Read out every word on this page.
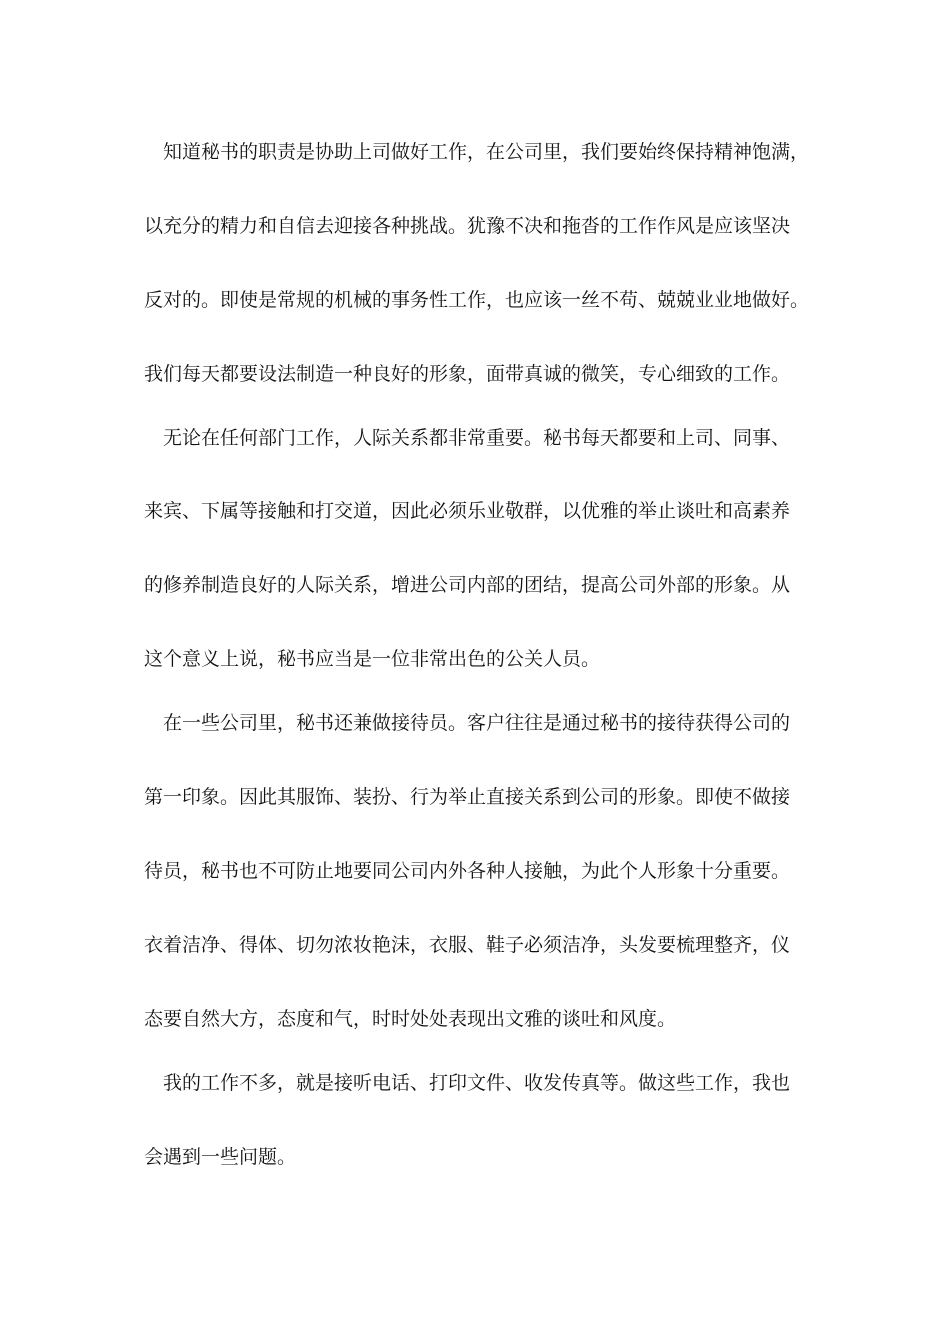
知道秘书的职责是协助上司做好工作，在公司里，我们要始终保持精神饱满，
以充分的精力和自信去迎接各种挑战。犹豫不决和拖沓的工作作风是应该坚决
反对的。即使是常规的机械的事务性工作，也应该一丝不苟、兢兢业业地做好。
我们每天都要设法制造一种良好的形象，面带真诚的微笑，专心细致的工作。
无论在任何部门工作，人际关系都非常重要。秘书每天都要和上司、同事、
来宾、下属等接触和打交道，因此必须乐业敬群，以优雅的举止谈吐和高素养
的修养制造良好的人际关系，增进公司内部的团结，提高公司外部的形象。从
这个意义上说，秘书应当是一位非常出色的公关人员。
在一些公司里，秘书还兼做接待员。客户往往是通过秘书的接待获得公司的
第一印象。因此其服饰、装扮、行为举止直接关系到公司的形象。即使不做接
待员，秘书也不可防止地要同公司内外各种人接触，为此个人形象十分重要。
衣着洁净、得体、切勿浓妆艳沫，衣服、鞋子必须洁净，头发要梳理整齐，仪
态要自然大方，态度和气，时时处处表现出文雅的谈吐和风度。
我的工作不多，就是接听电话、打印文件、收发传真等。做这些工作，我也
会遇到一些问题。
